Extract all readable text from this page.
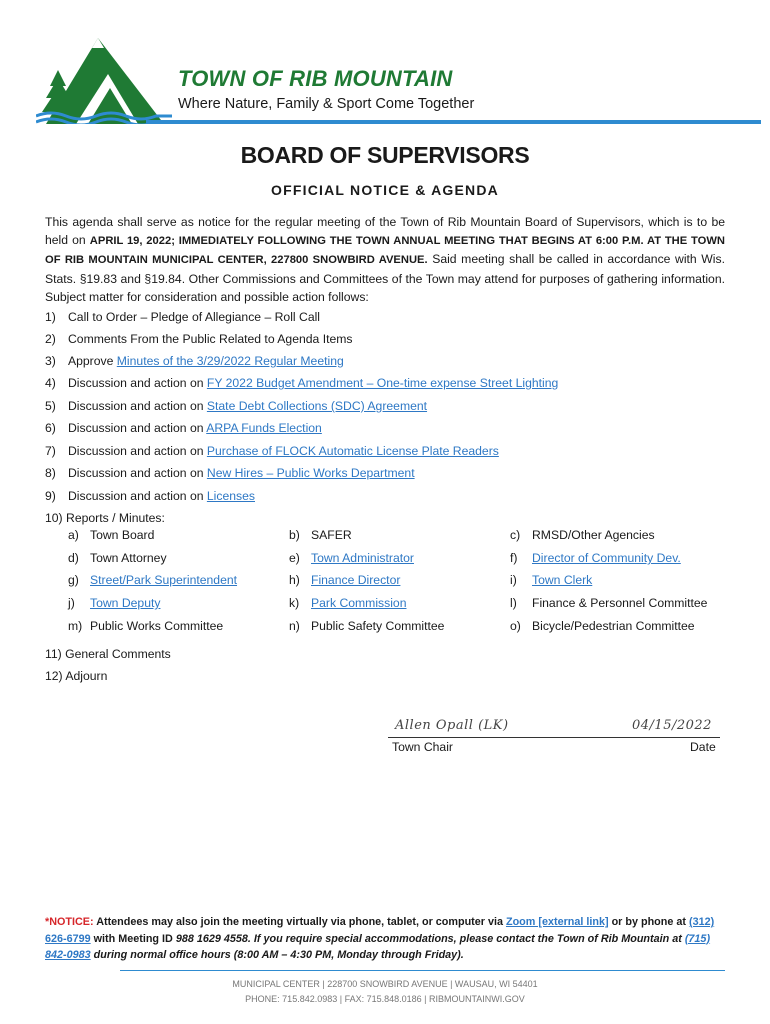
TOWN OF RIB MOUNTAIN
Where Nature, Family & Sport Come Together
BOARD OF SUPERVISORS
OFFICIAL NOTICE & AGENDA
This agenda shall serve as notice for the regular meeting of the Town of Rib Mountain Board of Supervisors, which is to be held on APRIL 19, 2022; IMMEDIATELY FOLLOWING THE TOWN ANNUAL MEETING THAT BEGINS AT 6:00 P.M. AT THE TOWN OF RIB MOUNTAIN MUNICIPAL CENTER, 227800 SNOWBIRD AVENUE. Said meeting shall be called in accordance with Wis. Stats. §19.83 and §19.84. Other Commissions and Committees of the Town may attend for purposes of gathering information. Subject matter for consideration and possible action follows:
1) Call to Order – Pledge of Allegiance – Roll Call
2) Comments From the Public Related to Agenda Items
3) Approve Minutes of the 3/29/2022 Regular Meeting
4) Discussion and action on FY 2022 Budget Amendment – One-time expense Street Lighting
5) Discussion and action on State Debt Collections (SDC) Agreement
6) Discussion and action on ARPA Funds Election
7) Discussion and action on Purchase of FLOCK Automatic License Plate Readers
8) Discussion and action on New Hires – Public Works Department
9) Discussion and action on Licenses
10) Reports / Minutes:
11) General Comments
12) Adjourn
a) Town Board	b) SAFER	c) RMSD/Other Agencies
d) Town Attorney	e) Town Administrator	f) Director of Community Dev.
g) Street/Park Superintendent	h) Finance Director	i) Town Clerk
j) Town Deputy	k) Park Commission	l) Finance & Personnel Committee
m) Public Works Committee	n) Public Safety Committee	o) Bicycle/Pedestrian Committee
Allen Opall (LK)	04/15/2022
Town Chair	Date
*NOTICE: Attendees may also join the meeting virtually via phone, tablet, or computer via Zoom [external link] or by phone at (312) 626-6799 with Meeting ID 988 1629 4558. If you require special accommodations, please contact the Town of Rib Mountain at (715) 842-0983 during normal office hours (8:00 AM – 4:30 PM, Monday through Friday).
MUNICIPAL CENTER | 228700 SNOWBIRD AVENUE | WAUSAU, WI 54401
PHONE: 715.842.0983 | FAX: 715.848.0186 | RIBMOUNTAINWI.GOV
